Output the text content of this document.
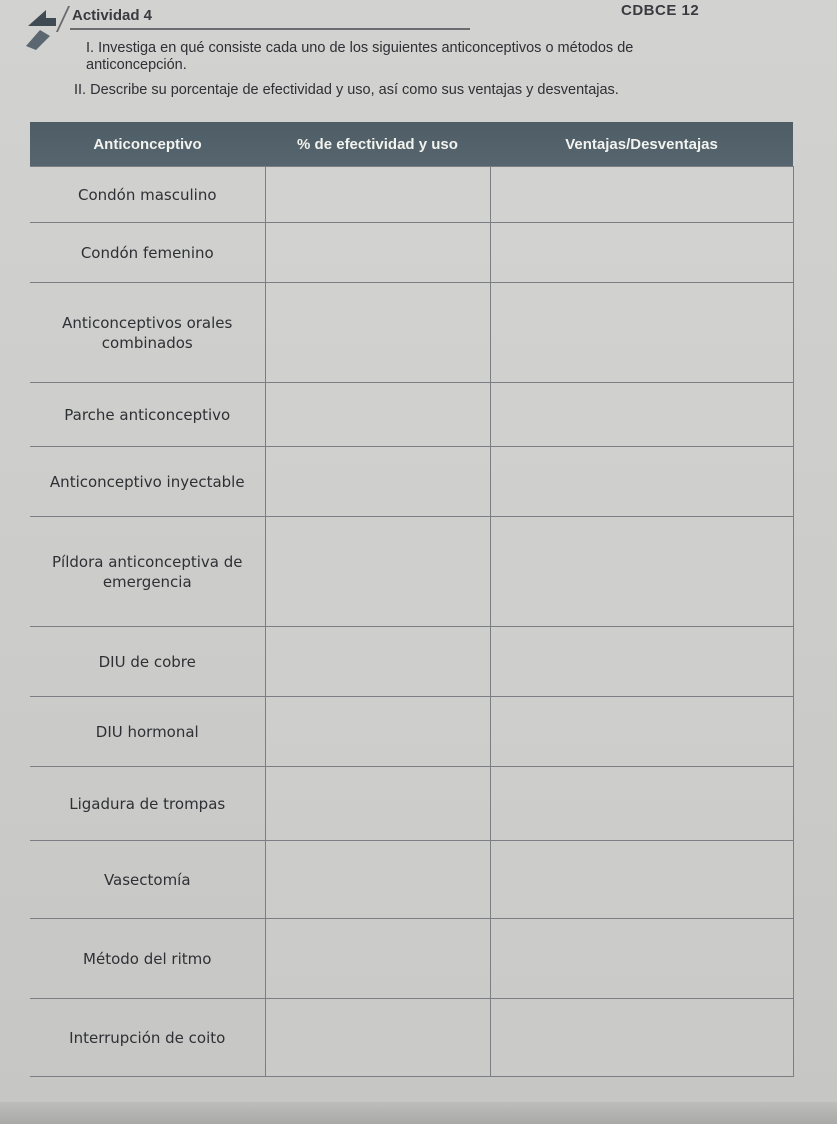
Actividad 4	CDBCE 12
I. Investiga en qué consiste cada uno de los siguientes anticonceptivos o métodos de anticoncepción.
II. Describe su porcentaje de efectividad y uso, así como sus ventajas y desventajas.
Anticonceptivo	% de efectividad y uso	Ventajas/Desventajas
Condón masculino		
Condón femenino		
Anticonceptivos orales combinados		
Parche anticonceptivo		
Anticonceptivo inyectable		
Píldora anticonceptiva de emergencia		
DIU de cobre		
DIU hormonal		
Ligadura de trompas		
Vasectomía		
Método del ritmo		
Interrupción de coito		
